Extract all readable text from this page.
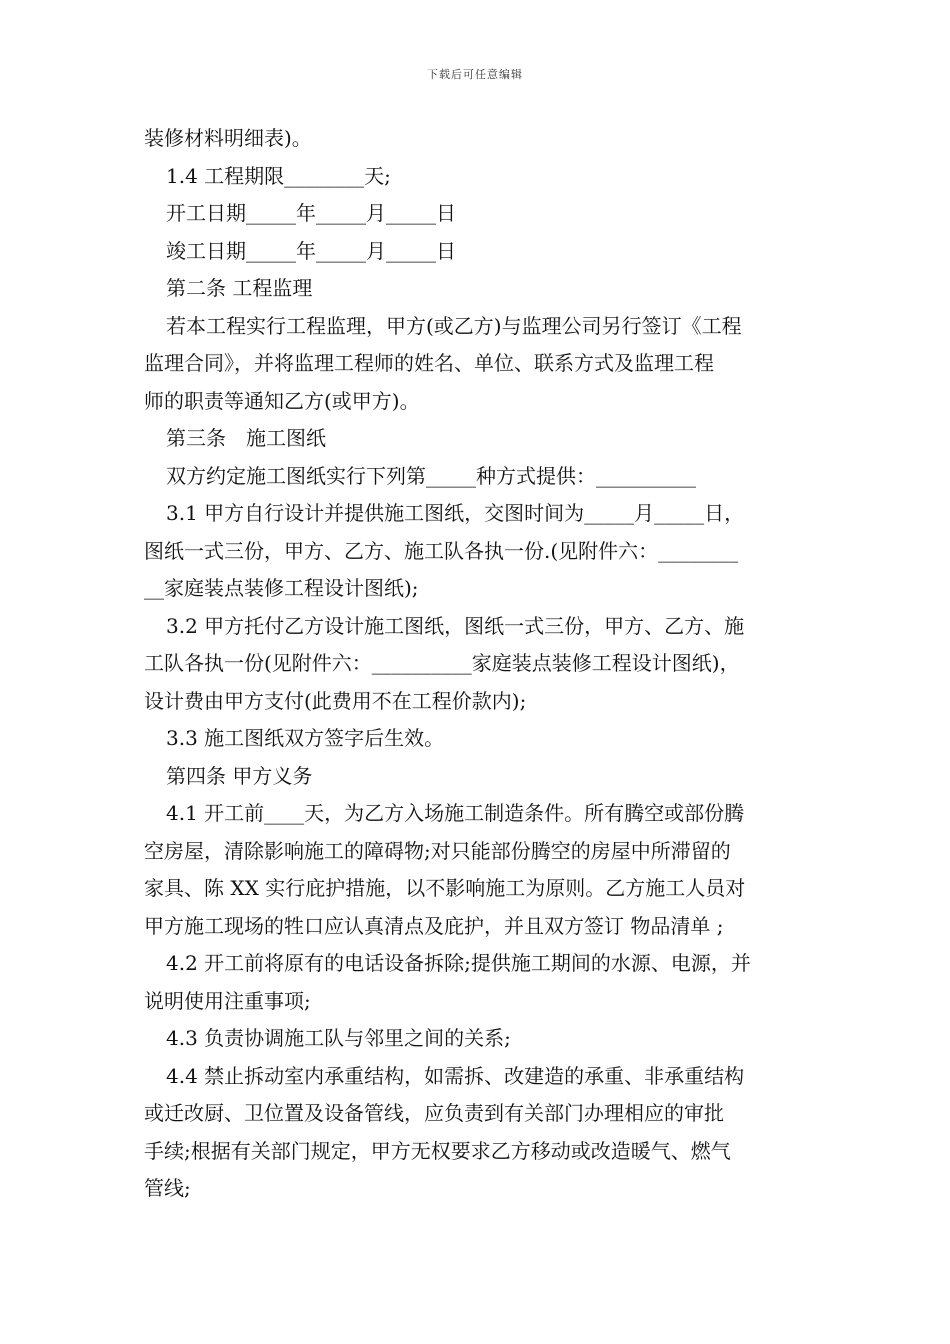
下载后可任意编辑

装修材料明细表)。

1.4 工程期限________天;

开工日期_____年_____月_____日

竣工日期_____年_____月_____日

第二条 工程监理

若本工程实行工程监理，甲方(或乙方)与监理公司另行签订《工程

监理合同》，并将监理工程师的姓名、单位、联系方式及监理工程

师的职责等通知乙方(或甲方)。

第三条　施工图纸

双方约定施工图纸实行下列第_____种方式提供：__________

3.1 甲方自行设计并提供施工图纸，交图时间为_____月_____日，

图纸一式三份，甲方、乙方、施工队各执一份.(见附件六：________

__家庭装点装修工程设计图纸);

3.2 甲方托付乙方设计施工图纸，图纸一式三份，甲方、乙方、施

工队各执一份(见附件六：__________家庭装点装修工程设计图纸)，

设计费由甲方支付(此费用不在工程价款内);

3.3 施工图纸双方签字后生效。

第四条 甲方义务

4.1 开工前____天，为乙方入场施工制造条件。所有腾空或部份腾

空房屋，清除影响施工的障碍物;对只能部份腾空的房屋中所滞留的

家具、陈 XX 实行庇护措施，以不影响施工为原则。乙方施工人员对

甲方施工现场的牲口应认真清点及庇护，并且双方签订 物品清单 ;

4.2 开工前将原有的电话设备拆除;提供施工期间的水源、电源，并

说明使用注重事项;

4.3 负责协调施工队与邻里之间的关系;

4.4 禁止拆动室内承重结构，如需拆、改建造的承重、非承重结构

或迁改厨、卫位置及设备管线，应负责到有关部门办理相应的审批

手续;根据有关部门规定，甲方无权要求乙方移动或改造暖气、燃气

管线;
